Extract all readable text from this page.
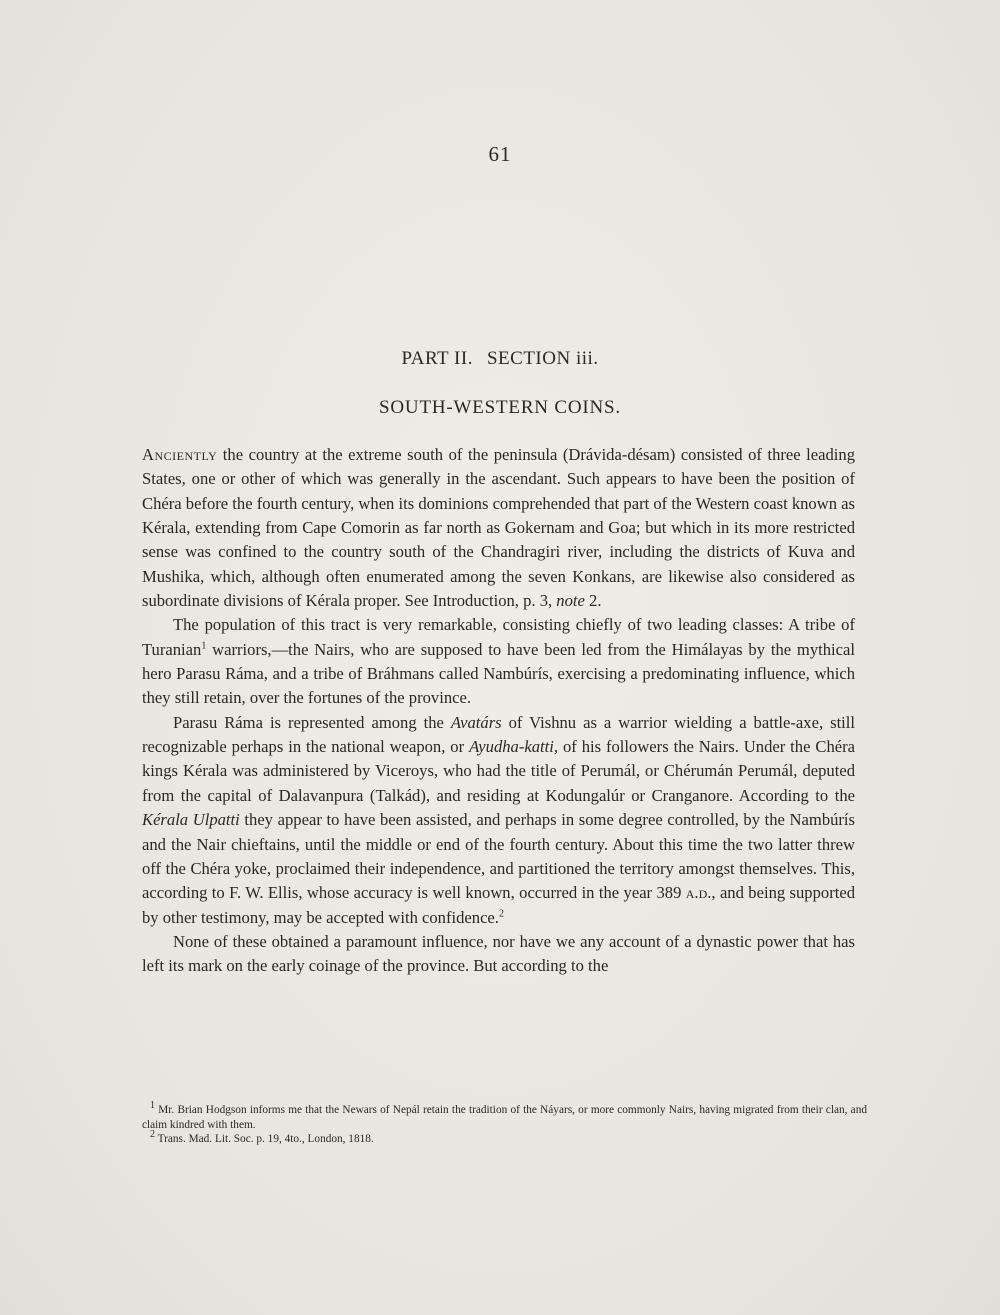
61
PART II. SECTION iii.
SOUTH-WESTERN COINS.

Anciently the country at the extreme south of the peninsula (Drávida-désam) consisted of three leading States, one or other of which was generally in the ascendant. Such appears to have been the position of Chéra before the fourth century, when its dominions comprehended that part of the Western coast known as Kérala, extending from Cape Comorin as far north as Gokernam and Goa; but which in its more restricted sense was confined to the country south of the Chandragiri river, including the districts of Kuva and Mushika, which, although often enumerated among the seven Konkans, are likewise also considered as subordinate divisions of Kérala proper. See Introduction, p. 3, note 2.

The population of this tract is very remarkable, consisting chiefly of two leading classes: A tribe of Turanian$^1$ warriors,—the Nairs, who are supposed to have been led from the Himálayas by the mythical hero Parasu Ráma, and a tribe of Bráhmans called Nambúrís, exercising a predominating influence, which they still retain, over the fortunes of the province.

Parasu Ráma is represented among the Avatárs of Vishnu as a warrior wielding a battle-axe, still recognizable perhaps in the national weapon, or Ayudha-katti, of his followers the Nairs. Under the Chéra kings Kérala was administered by Viceroys, who had the title of Perumál, or Chérumán Perumál, deputed from the capital of Dalavanpura (Talkád), and residing at Kodungalúr or Cranganore. According to the Kérala Ulpatti they appear to have been assisted, and perhaps in some degree controlled, by the Nambúrís and the Nair chieftains, until the middle or end of the fourth century. About this time the two latter threw off the Chéra yoke, proclaimed their independence, and partitioned the territory amongst themselves. This, according to F. W. Ellis, whose accuracy is well known, occurred in the year 389 a.d., and being supported by other testimony, may be accepted with confidence.$^2$

None of these obtained a paramount influence, nor have we any account of a dynastic power that has left its mark on the early coinage of the province. But according to the

$^1$ Mr. Brian Hodgson informs me that the Newars of Nepál retain the tradition of the Náyars, or more commonly Nairs, having migrated from their clan, and claim kindred with them.

$^2$ Trans. Mad. Lit. Soc. p. 19, 4to., London, 1818.
